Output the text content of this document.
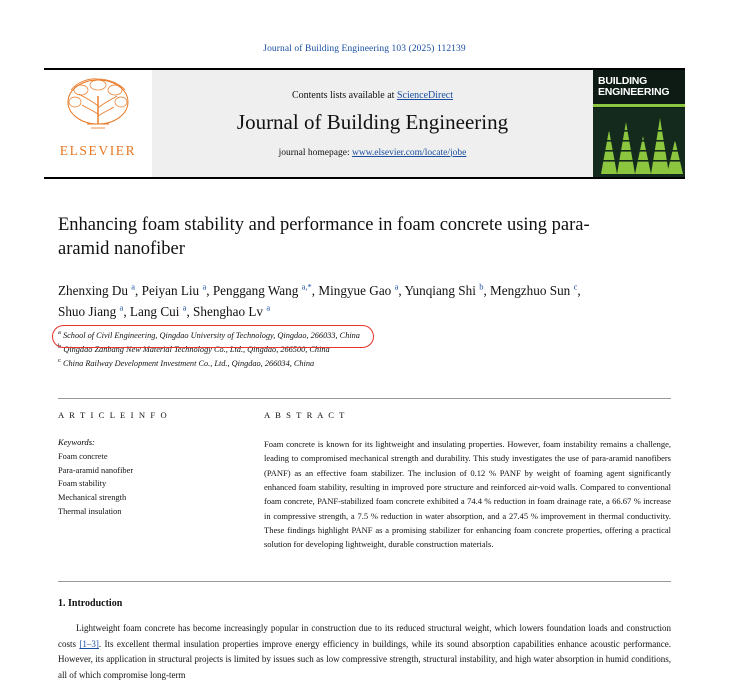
Journal of Building Engineering 103 (2025) 112139
ELSEVIER
Contents lists available at ScienceDirect
Journal of Building Engineering
journal homepage: www.elsevier.com/locate/jobe
BUILDING
ENGINEERING
Enhancing foam stability and performance in foam concrete using para-aramid nanofiber
Zhenxing Du $^a$, Peiyan Liu $^a$, Penggang Wang $^{a,*}$, Mingyue Gao $^a$, Yunqiang Shi $^b$, Mengzhuo Sun $^c$, Shuo Jiang $^a$, Lang Cui $^a$, Shenghao Lv $^a$
$^a$ School of Civil Engineering, Qingdao University of Technology, Qingdao, 266033, China
$^b$ Qingdao Zanbang New Material Technology Co., Ltd., Qingdao, 266500, China
$^c$ China Railway Development Investment Co., Ltd., Qingdao, 266034, China
A R T I C L E I N F O
Keywords:
Foam concrete
Para-aramid nanofiber
Foam stability
Mechanical strength
Thermal insulation
A B S T R A C T
Foam concrete is known for its lightweight and insulating properties. However, foam instability remains a challenge, leading to compromised mechanical strength and durability. This study investigates the use of para-aramid nanofibers (PANF) as an effective foam stabilizer. The inclusion of 0.12 % PANF by weight of foaming agent significantly enhanced foam stability, resulting in improved pore structure and reinforced air-void walls. Compared to conventional foam concrete, PANF-stabilized foam concrete exhibited a 74.4 % reduction in foam drainage rate, a 66.67 % increase in compressive strength, a 7.5 % reduction in water absorption, and a 27.45 % improvement in thermal conductivity. These findings highlight PANF as a promising stabilizer for enhancing foam concrete properties, offering a practical solution for developing lightweight, durable construction materials.
1. Introduction
Lightweight foam concrete has become increasingly popular in construction due to its reduced structural weight, which lowers foundation loads and construction costs [1–3]. Its excellent thermal insulation properties improve energy efficiency in buildings, while its sound absorption capabilities enhance acoustic performance. However, its application in structural projects is limited by issues such as low compressive strength, structural instability, and high water absorption in humid conditions, all of which compromise long-term
